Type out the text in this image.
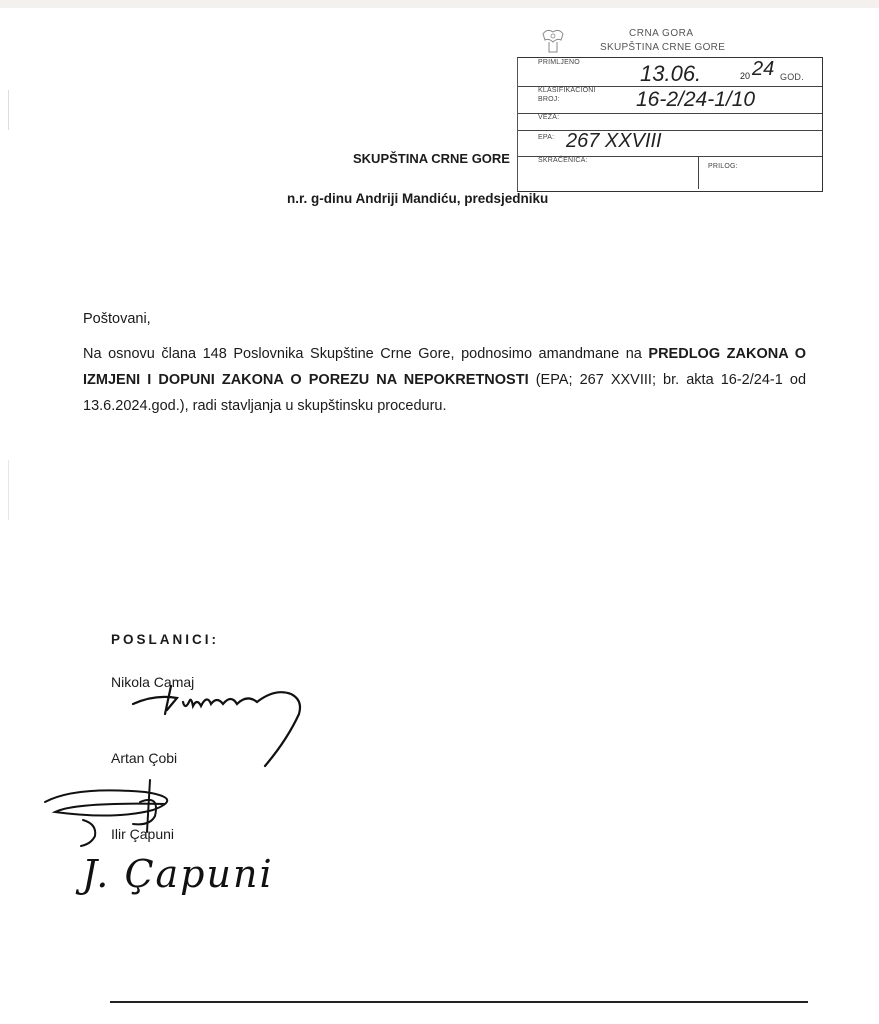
CRNA GORA
SKUPŠTINA CRNE GORE
PRIMLJENO	13.06.	20 24 GOD.
KLASIFIKACIONI
BROJ:	16-2/24-1/10
VEZA:
EPA: 267 XXVIII
SKRAĆENICA:
PRILOG:
SKUPŠTINA CRNE GORE
n.r. g-dinu Andriji Mandiću, predsjedniku
Poštovani,
Na osnovu člana 148 Poslovnika Skupštine Crne Gore, podnosimo amandmane na PREDLOG ZAKONA O IZMJENI I DOPUNI ZAKONA O POREZU NA NEPOKRETNOSTI (EPA; 267 XXVIII; br. akta 16-2/24-1 od 13.6.2024.god.), radi stavljanja u skupštinsku proceduru.
POSLANICI:
Nikola Camaj
Artan Çobi
Ilir Çapuni
J. Çapuni
